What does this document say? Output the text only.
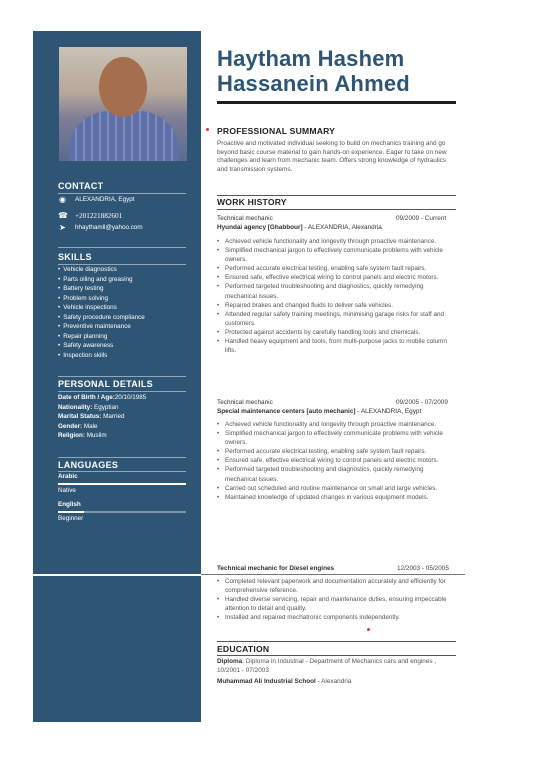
CONTACT
◉ ALEXANDRIA, Egypt
☎ +201221882601
➤ hhaythamll@yahoo.com
SKILLS
• Vehicle diagnostics
• Parts oiling and greasing
• Battery testing
• Problem solving
• Vehicle inspections
• Safety procedure compliance
• Preventive maintenance
• Repair planning
• Safety awareness
• Inspection skills
PERSONAL DETAILS
Date of Birth / Age:20/10/1985
Nationality: Egyptian
Marital Status: Married
Gender: Male
Religion: Muslim
LANGUAGES
Arabic
Native
English
Beginner
Haytham Hashem
Hassanein Ahmed
PROFESSIONAL SUMMARY
Proactive and motivated individual seeking to build on mechanics training and go beyond basic course material to gain hands-on experience. Eager to take on new challenges and learn from mechanic team. Offers strong knowledge of hydraulics and transmission systems.
WORK HISTORY
Technical mechanic	09/2009 - Current
Hyundai agency [Ghabbour] - ALEXANDRIA, Alexandria
• Achieved vehicle functionality and longevity through proactive maintenance.
• Simplified mechanical jargon to effectively communicate problems with vehicle owners.
• Performed accurate electrical testing, enabling safe system fault repairs.
• Ensured safe, effective electrical wiring to control panels and electric motors.
• Performed targeted troubleshooting and diagnostics, quickly remedying mechanical issues.
• Repaired brakes and changed fluids to deliver safe vehicles.
• Attended regular safety training meetings, minimising garage risks for staff and customers.
• Protected against accidents by carefully handling tools and chemicals.
• Handled heavy equipment and tools, from multi-purpose jacks to mobile column lifts.
Technical mechanic	09/2005 - 07/2009
Special maintenance centers [auto mechanic] - ALEXANDRIA, Egypt
• Achieved vehicle functionality and longevity through proactive maintenance.
• Simplified mechanical jargon to effectively communicate problems with vehicle owners.
• Performed accurate electrical testing, enabling safe system fault repairs.
• Ensured safe, effective electrical wiring to control panels and electric motors.
• Performed targeted troubleshooting and diagnostics, quickly remedying mechanical issues.
• Carried out scheduled and routine maintenance on small and large vehicles.
• Maintained knowledge of updated changes in various equipment models.
Technical mechanic for Diesel engines	12/2003 - 05/2005
• Completed relevant paperwork and documentation accurately and efficiently for comprehensive reference.
• Handled diverse servicing, repair and maintenance duties, ensuring impeccable attention to detail and quality.
• Installed and repaired mechatronic components independently.
EDUCATION
Diploma: Diploma in Industrial - Department of Mechanics cars and engines , 10/2001 - 07/2003
Muhammad Ali Industrial School - Alexandria
